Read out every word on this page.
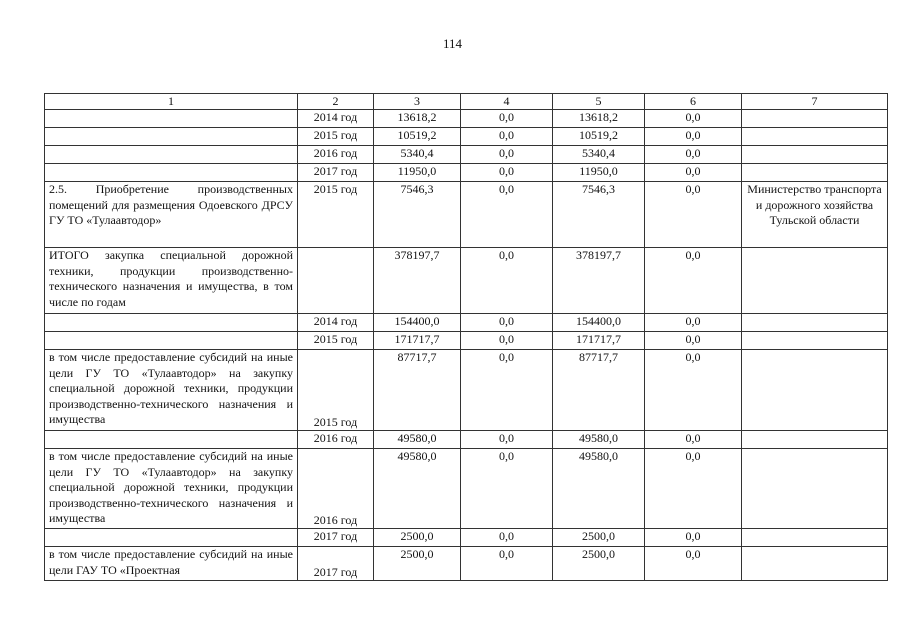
114
1	2	3	4	5	6	7
	2014 год	13618,2	0,0	13618,2	0,0	
	2015 год	10519,2	0,0	10519,2	0,0	
	2016 год	5340,4	0,0	5340,4	0,0	
	2017 год	11950,0	0,0	11950,0	0,0	
2.5. Приобретение производственных помещений для размещения Одоевского ДРСУ ГУ ТО «Тулаавтодор»	2015 год	7546,3	0,0	7546,3	0,0	Министерство транспорта и дорожного хозяйства Тульской области
ИТОГО закупка специальной дорожной техники, продукции производственно-технического назначения и имущества, в том числе по годам		378197,7	0,0	378197,7	0,0	
	2014 год	154400,0	0,0	154400,0	0,0	
	2015 год	171717,7	0,0	171717,7	0,0	
в том числе предоставление субсидий на иные цели ГУ ТО «Тулаавтодор» на закупку специальной дорожной техники, продукции производственно-технического назначения и имущества	2015 год	87717,7	0,0	87717,7	0,0	
	2016 год	49580,0	0,0	49580,0	0,0	
в том числе предоставление субсидий на иные цели ГУ ТО «Тулаавтодор» на закупку специальной дорожной техники, продукции производственно-технического назначения и имущества	2016 год	49580,0	0,0	49580,0	0,0	
	2017 год	2500,0	0,0	2500,0	0,0	
в том числе предоставление субсидий на иные цели ГАУ ТО «Проектная	2017 год	2500,0	0,0	2500,0	0,0	
